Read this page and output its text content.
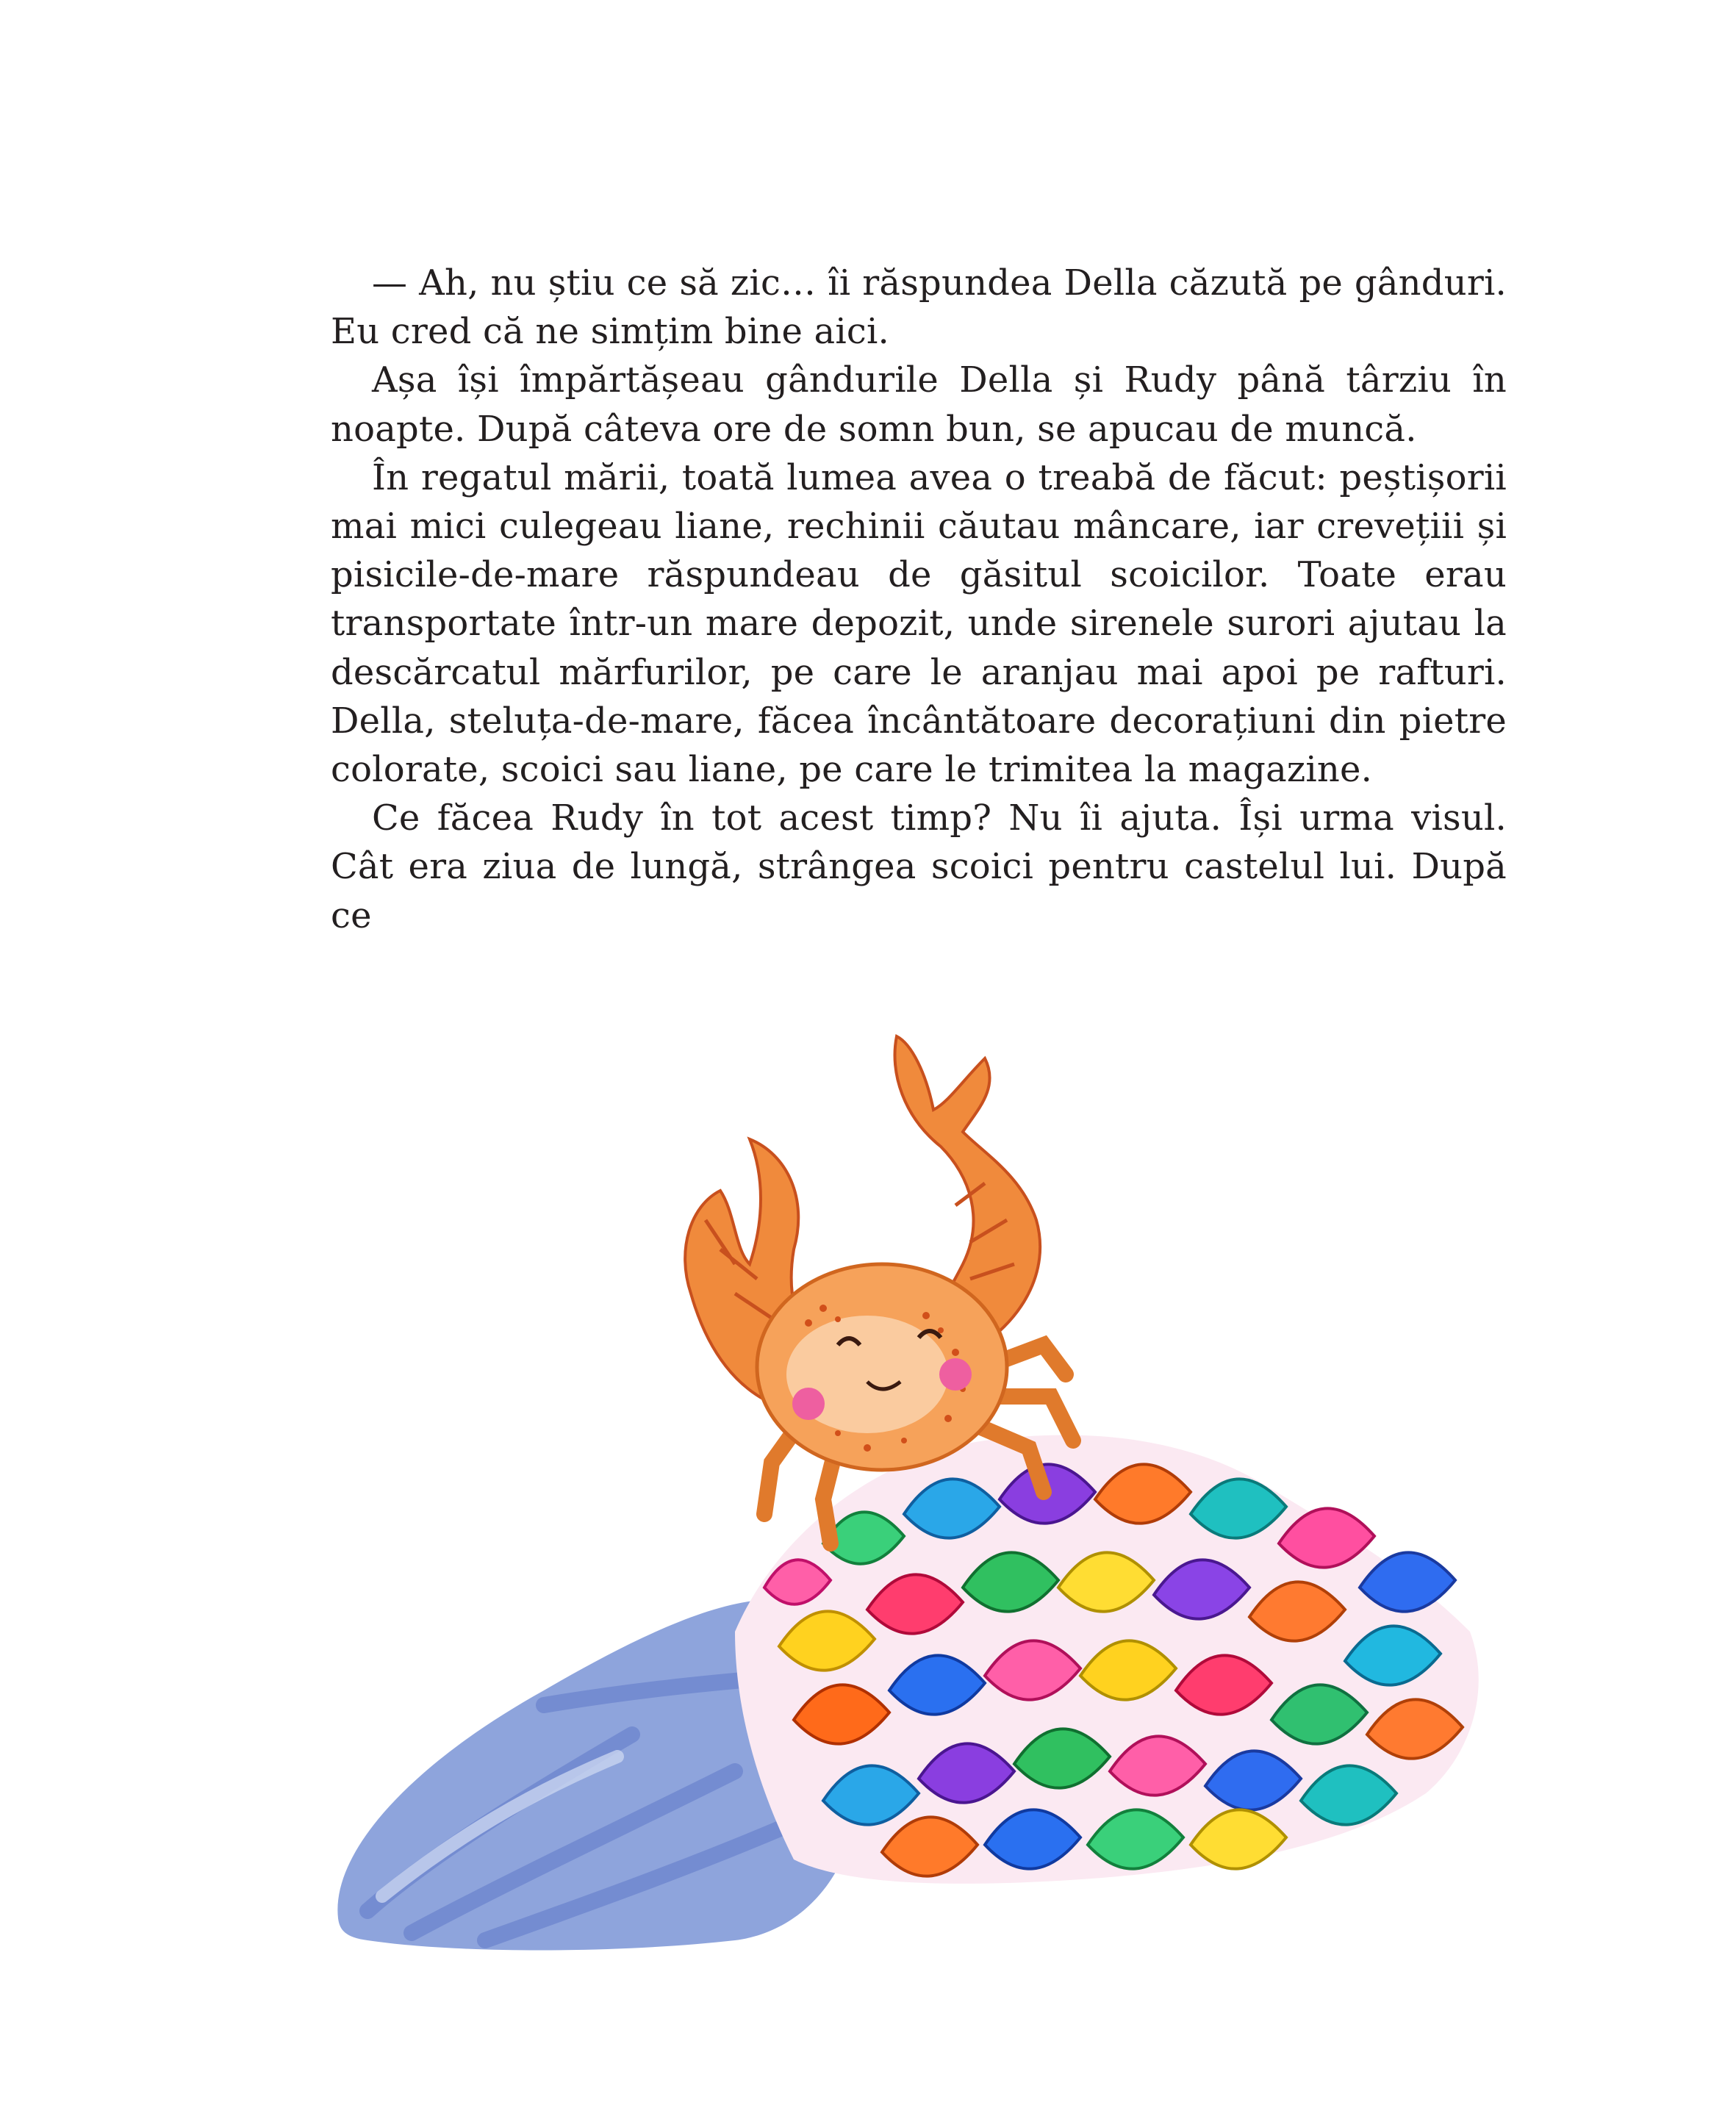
— Ah, nu știu ce să zic… îi răspundea Della căzută pe gânduri. Eu cred că ne simțim bine aici.

Așa își împărtășeau gândurile Della și Rudy până târziu în noapte. După câteva ore de somn bun, se apucau de muncă.

În regatul mării, toată lumea avea o treabă de făcut: peștișorii mai mici culegeau liane, rechinii căutau mâncare, iar crevețiii și pisicile-de-mare răspundeau de găsitul scoicilor. Toate erau transportate într-un mare depozit, unde sirenele surori ajutau la descărcatul mărfurilor, pe care le aranjau mai apoi pe rafturi. Della, steluța-de-mare, făcea încântătoare decorațiuni din pietre colorate, scoici sau liane, pe care le trimitea la magazine.

Ce făcea Rudy în tot acest timp? Nu îi ajuta. Își urma visul. Cât era ziua de lungă, strângea scoici pentru castelul lui. După ce
